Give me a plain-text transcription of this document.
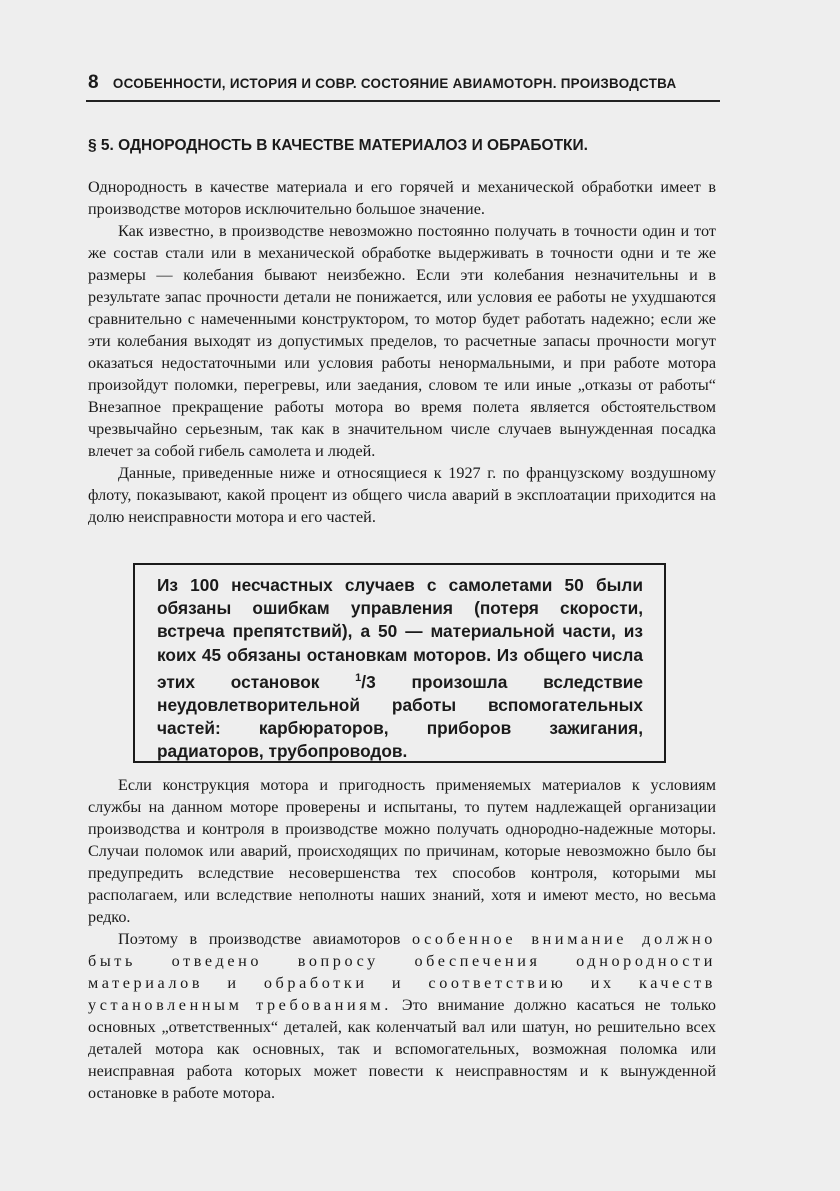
8 ОСОБЕННОСТИ, ИСТОРИЯ И СОВР. СОСТОЯНИЕ АВИАМОТОРН. ПРОИЗВОДСТВА
§ 5. ОДНОРОДНОСТЬ В КАЧЕСТВЕ МАТЕРИАЛОЗ И ОБРАБОТКИ.

Однородность в качестве материала и его горячей и механической обработки имеет в производстве моторов исключительно большое значение.

Как известно, в производстве невозможно постоянно получать в точности один и тот же состав стали или в механической обработке выдерживать в точности одни и те же размеры — колебания бывают неизбежно. Если эти колебания незначительны и в результате запас прочности детали не понижается, или условия ее работы не ухудшаются сравнительно с намеченными конструктором, то мотор будет работать надежно; если же эти колебания выходят из допустимых пределов, то расчетные запасы прочности могут оказаться недостаточными или условия работы ненормальными, и при работе мотора произойдут поломки, перегревы, или заедания, словом те или иные „отказы от работы“ Внезапное прекращение работы мотора во время полета является обстоятельством чрезвычайно серьезным, так как в значительном числе случаев вынужденная посадка влечет за собой гибель самолета и людей.

Данные, приведенные ниже и относящиеся к 1927 г. по французскому воздушному флоту, показывают, какой процент из общего числа аварий в эксплоатации приходится на долю неисправности мотора и его частей.

Из 100 несчастных случаев с самолетами 50 были обязаны ошибкам управления (потеря скорости, встреча препятствий), а 50 — материальной части, из коих 45 обязаны остановкам моторов. Из общего числа этих остановок $^1$/3 произошла вследствие неудовлетворительной работы вспомогательных частей: карбюраторов, приборов зажигания, радиаторов, трубопроводов.

Если конструкция мотора и пригодность применяемых материалов к условиям службы на данном моторе проверены и испытаны, то путем надлежащей организации производства и контроля в производстве можно получать однородно-надежные моторы. Случаи поломок или аварий, происходящих по причинам, которые невозможно было бы предупредить вследствие несовершенства тех способов контроля, которыми мы располагаем, или вследствие неполноты наших знаний, хотя и имеют место, но весьма редко.

Поэтому в производстве авиамоторов особенное внимание должно быть отведено вопросу обеспечения однородности материалов и обработки и соответствию их качеств установленным требованиям. Это внимание должно касаться не только основных „ответственных“ деталей, как коленчатый вал или шатун, но решительно всех деталей мотора как основных, так и вспомогательных, возможная поломка или неисправная работа которых может повести к неисправностям и к вынужденной остановке в работе мотора.
